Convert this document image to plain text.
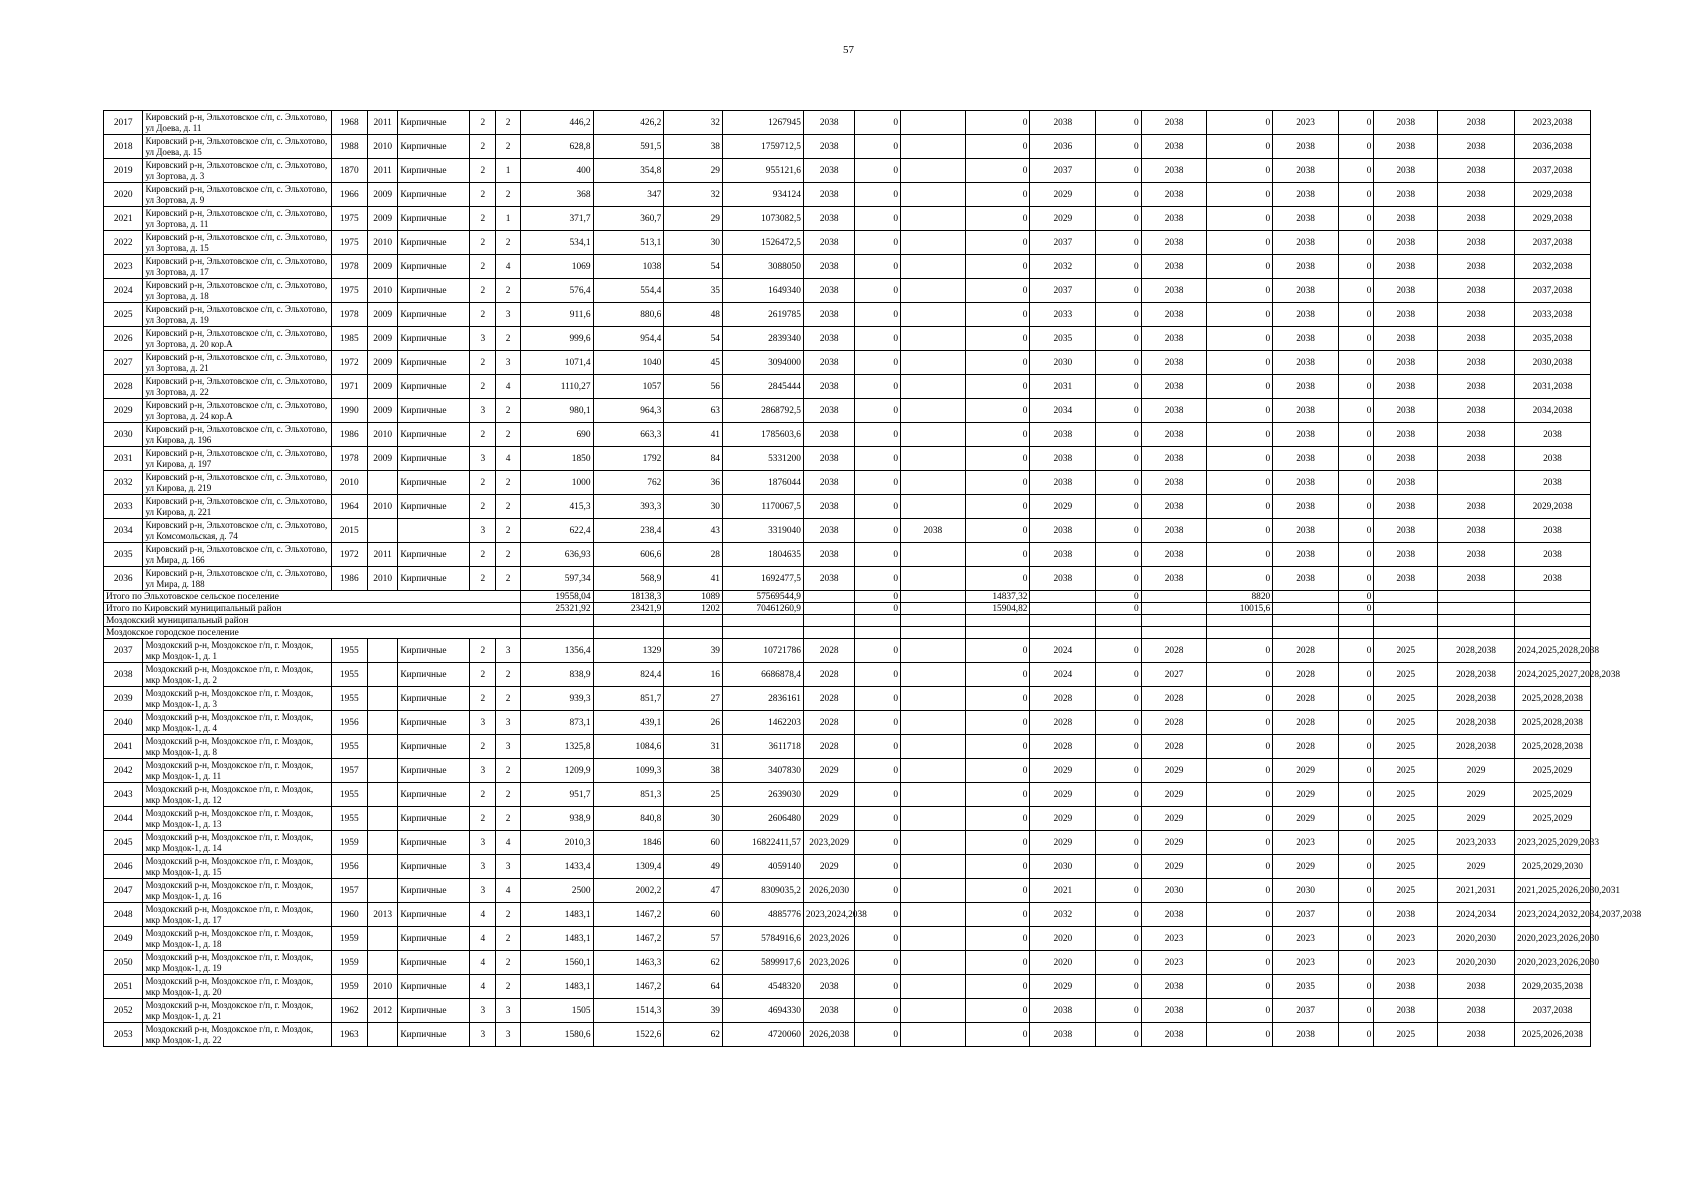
57
2017	Кировский р-н, Эльхотовское с/п, с. Эльхотово, ул Доева, д. 11	1968	2011	Кирпичные	2	2	446,2	426,2	32	1267945	2038	0		0	2038	0	2038	0	2023	0	2038	2038	2023,2038
2018	Кировский р-н, Эльхотовское с/п, с. Эльхотово, ул Доева, д. 15	1988	2010	Кирпичные	2	2	628,8	591,5	38	1759712,5	2038	0		0	2036	0	2038	0	2038	0	2038	2038	2036,2038
2019	Кировский р-н, Эльхотовское с/п, с. Эльхотово, ул Зортова, д. 3	1870	2011	Кирпичные	2	1	400	354,8	29	955121,6	2038	0		0	2037	0	2038	0	2038	0	2038	2038	2037,2038
2020	Кировский р-н, Эльхотовское с/п, с. Эльхотово, ул Зортова, д. 9	1966	2009	Кирпичные	2	2	368	347	32	934124	2038	0		0	2029	0	2038	0	2038	0	2038	2038	2029,2038
2021	Кировский р-н, Эльхотовское с/п, с. Эльхотово, ул Зортова, д. 11	1975	2009	Кирпичные	2	1	371,7	360,7	29	1073082,5	2038	0		0	2029	0	2038	0	2038	0	2038	2038	2029,2038
2022	Кировский р-н, Эльхотовское с/п, с. Эльхотово, ул Зортова, д. 15	1975	2010	Кирпичные	2	2	534,1	513,1	30	1526472,5	2038	0		0	2037	0	2038	0	2038	0	2038	2038	2037,2038
2023	Кировский р-н, Эльхотовское с/п, с. Эльхотово, ул Зортова, д. 17	1978	2009	Кирпичные	2	4	1069	1038	54	3088050	2038	0		0	2032	0	2038	0	2038	0	2038	2038	2032,2038
2024	Кировский р-н, Эльхотовское с/п, с. Эльхотово, ул Зортова, д. 18	1975	2010	Кирпичные	2	2	576,4	554,4	35	1649340	2038	0		0	2037	0	2038	0	2038	0	2038	2038	2037,2038
2025	Кировский р-н, Эльхотовское с/п, с. Эльхотово, ул Зортова, д. 19	1978	2009	Кирпичные	2	3	911,6	880,6	48	2619785	2038	0		0	2033	0	2038	0	2038	0	2038	2038	2033,2038
2026	Кировский р-н, Эльхотовское с/п, с. Эльхотово, ул Зортова, д. 20 кор.А	1985	2009	Кирпичные	3	2	999,6	954,4	54	2839340	2038	0		0	2035	0	2038	0	2038	0	2038	2038	2035,2038
2027	Кировский р-н, Эльхотовское с/п, с. Эльхотово, ул Зортова, д. 21	1972	2009	Кирпичные	2	3	1071,4	1040	45	3094000	2038	0		0	2030	0	2038	0	2038	0	2038	2038	2030,2038
2028	Кировский р-н, Эльхотовское с/п, с. Эльхотово, ул Зортова, д. 22	1971	2009	Кирпичные	2	4	1110,27	1057	56	2845444	2038	0		0	2031	0	2038	0	2038	0	2038	2038	2031,2038
2029	Кировский р-н, Эльхотовское с/п, с. Эльхотово, ул Зортова, д. 24 кор.А	1990	2009	Кирпичные	3	2	980,1	964,3	63	2868792,5	2038	0		0	2034	0	2038	0	2038	0	2038	2038	2034,2038
2030	Кировский р-н, Эльхотовское с/п, с. Эльхотово, ул Кирова, д. 196	1986	2010	Кирпичные	2	2	690	663,3	41	1785603,6	2038	0		0	2038	0	2038	0	2038	0	2038	2038	2038
2031	Кировский р-н, Эльхотовское с/п, с. Эльхотово, ул Кирова, д. 197	1978	2009	Кирпичные	3	4	1850	1792	84	5331200	2038	0		0	2038	0	2038	0	2038	0	2038	2038	2038
2032	Кировский р-н, Эльхотовское с/п, с. Эльхотово, ул Кирова, д. 219	2010		Кирпичные	2	2	1000	762	36	1876044	2038	0		0	2038	0	2038	0	2038	0	2038		2038
2033	Кировский р-н, Эльхотовское с/п, с. Эльхотово, ул Кирова, д. 221	1964	2010	Кирпичные	2	2	415,3	393,3	30	1170067,5	2038	0		0	2029	0	2038	0	2038	0	2038	2038	2029,2038
2034	Кировский р-н, Эльхотовское с/п, с. Эльхотово, ул Комсомольская, д. 74	2015			3	2	622,4	238,4	43	3319040	2038	0	2038	0	2038	0	2038	0	2038	0	2038	2038	2038
2035	Кировский р-н, Эльхотовское с/п, с. Эльхотово, ул Мира, д. 166	1972	2011	Кирпичные	2	2	636,93	606,6	28	1804635	2038	0		0	2038	0	2038	0	2038	0	2038	2038	2038
2036	Кировский р-н, Эльхотовское с/п, с. Эльхотово, ул Мира, д. 188	1986	2010	Кирпичные	2	2	597,34	568,9	41	1692477,5	2038	0		0	2038	0	2038	0	2038	0	2038	2038	2038
Итого по Эльхотовское сельское поселение							19558,04	18138,3	1089	57569544,9		0		14837,32		0		8820		0			
Итого по Кировский муниципальный район							25321,92	23421,9	1202	70461260,9		0		15904,82		0		10015,6		0			
Моздокский муниципальный район																							
Моздокское городское поселение																							
2037	Моздокский р-н, Моздокское г/п, г. Моздок, мкр Моздок-1, д. 1	1955		Кирпичные	2	3	1356,4	1329	39	10721786	2028	0		0	2024	0	2028	0	2028	0	2025	2028,2038	2024,2025,2028,2038
2038	Моздокский р-н, Моздокское г/п, г. Моздок, мкр Моздок-1, д. 2	1955		Кирпичные	2	2	838,9	824,4	16	6686878,4	2028	0		0	2024	0	2027	0	2028	0	2025	2028,2038	2024,2025,2027,2028,2038
2039	Моздокский р-н, Моздокское г/п, г. Моздок, мкр Моздок-1, д. 3	1955		Кирпичные	2	2	939,3	851,7	27	2836161	2028	0		0	2028	0	2028	0	2028	0	2025	2028,2038	2025,2028,2038
2040	Моздокский р-н, Моздокское г/п, г. Моздок, мкр Моздок-1, д. 4	1956		Кирпичные	3	3	873,1	439,1	26	1462203	2028	0		0	2028	0	2028	0	2028	0	2025	2028,2038	2025,2028,2038
2041	Моздокский р-н, Моздокское г/п, г. Моздок, мкр Моздок-1, д. 8	1955		Кирпичные	2	3	1325,8	1084,6	31	3611718	2028	0		0	2028	0	2028	0	2028	0	2025	2028,2038	2025,2028,2038
2042	Моздокский р-н, Моздокское г/п, г. Моздок, мкр Моздок-1, д. 11	1957		Кирпичные	3	2	1209,9	1099,3	38	3407830	2029	0		0	2029	0	2029	0	2029	0	2025	2029	2025,2029
2043	Моздокский р-н, Моздокское г/п, г. Моздок, мкр Моздок-1, д. 12	1955		Кирпичные	2	2	951,7	851,3	25	2639030	2029	0		0	2029	0	2029	0	2029	0	2025	2029	2025,2029
2044	Моздокский р-н, Моздокское г/п, г. Моздок, мкр Моздок-1, д. 13	1955		Кирпичные	2	2	938,9	840,8	30	2606480	2029	0		0	2029	0	2029	0	2029	0	2025	2029	2025,2029
2045	Моздокский р-н, Моздокское г/п, г. Моздок, мкр Моздок-1, д. 14	1959		Кирпичные	3	4	2010,3	1846	60	16822411,57	2023,2029	0		0	2029	0	2029	0	2023	0	2025	2023,2033	2023,2025,2029,2033
2046	Моздокский р-н, Моздокское г/п, г. Моздок, мкр Моздок-1, д. 15	1956		Кирпичные	3	3	1433,4	1309,4	49	4059140	2029	0		0	2030	0	2029	0	2029	0	2025	2029	2025,2029,2030
2047	Моздокский р-н, Моздокское г/п, г. Моздок, мкр Моздок-1, д. 16	1957		Кирпичные	3	4	2500	2002,2	47	8309035,2	2026,2030	0		0	2021	0	2030	0	2030	0	2025	2021,2031	2021,2025,2026,2030,2031
2048	Моздокский р-н, Моздокское г/п, г. Моздок, мкр Моздок-1, д. 17	1960	2013	Кирпичные	4	2	1483,1	1467,2	60	4885776	2023,2024,2038	0		0	2032	0	2038	0	2037	0	2038	2024,2034	2023,2024,2032,2034,2037,2038
2049	Моздокский р-н, Моздокское г/п, г. Моздок, мкр Моздок-1, д. 18	1959		Кирпичные	4	2	1483,1	1467,2	57	5784916,6	2023,2026	0		0	2020	0	2023	0	2023	0	2023	2020,2030	2020,2023,2026,2030
2050	Моздокский р-н, Моздокское г/п, г. Моздок, мкр Моздок-1, д. 19	1959		Кирпичные	4	2	1560,1	1463,3	62	5899917,6	2023,2026	0		0	2020	0	2023	0	2023	0	2023	2020,2030	2020,2023,2026,2030
2051	Моздокский р-н, Моздокское г/п, г. Моздок, мкр Моздок-1, д. 20	1959	2010	Кирпичные	4	2	1483,1	1467,2	64	4548320	2038	0		0	2029	0	2038	0	2035	0	2038	2038	2029,2035,2038
2052	Моздокский р-н, Моздокское г/п, г. Моздок, мкр Моздок-1, д. 21	1962	2012	Кирпичные	3	3	1505	1514,3	39	4694330	2038	0		0	2038	0	2038	0	2037	0	2038	2038	2037,2038
2053	Моздокский р-н, Моздокское г/п, г. Моздок, мкр Моздок-1, д. 22	1963		Кирпичные	3	3	1580,6	1522,6	62	4720060	2026,2038	0		0	2038	0	2038	0	2038	0	2025	2038	2025,2026,2038
